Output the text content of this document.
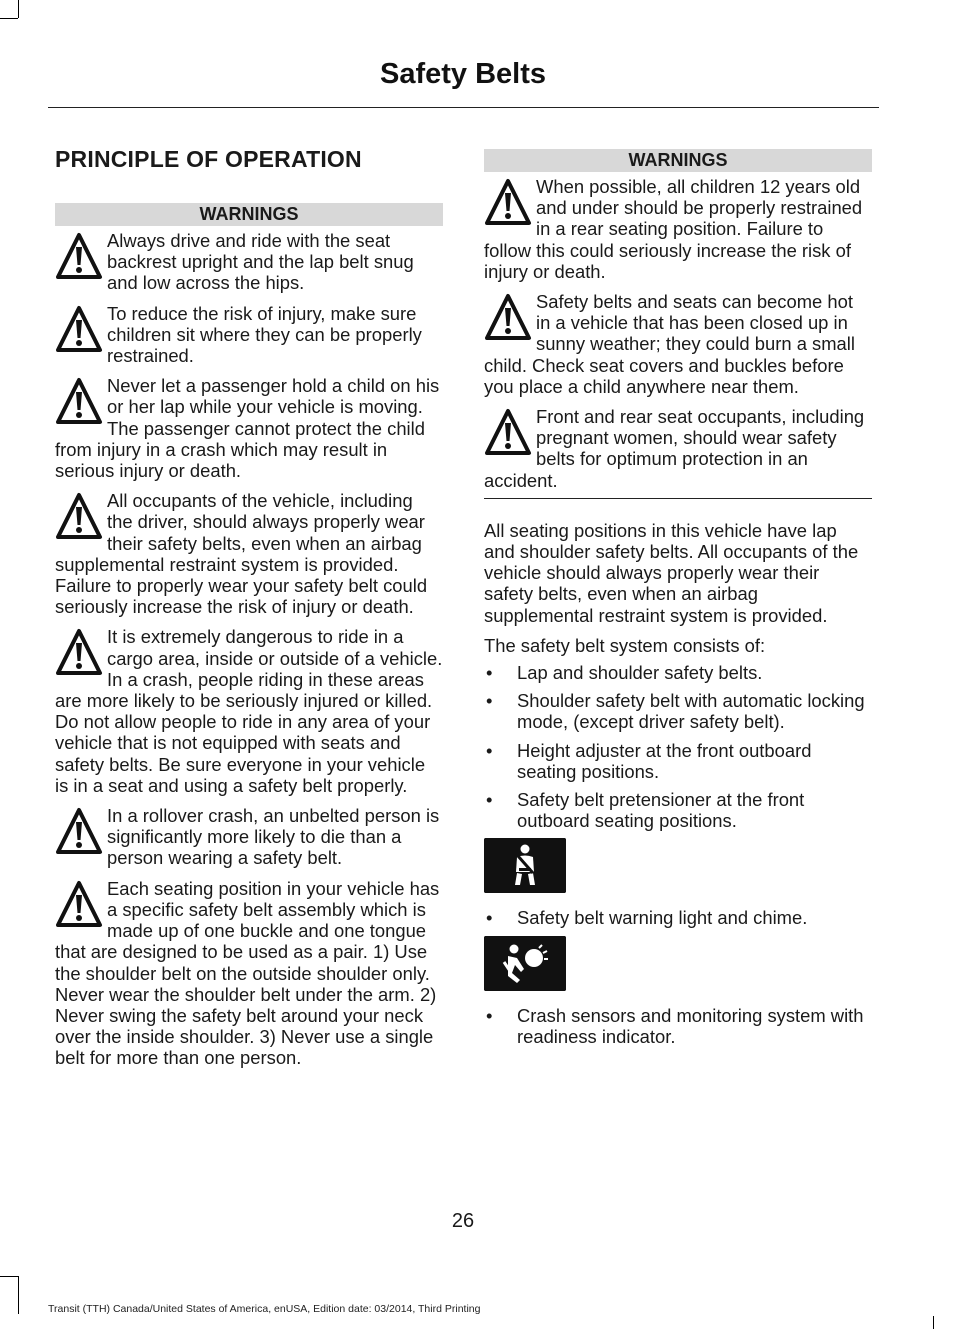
Safety Belts
PRINCIPLE OF OPERATION
WARNINGS
Always drive and ride with the seat backrest upright and the lap belt snug and low across the hips.
To reduce the risk of injury, make sure children sit where they can be properly restrained.
Never let a passenger hold a child on his or her lap while your vehicle is moving. The passenger cannot protect the child from injury in a crash which may result in serious injury or death.
All occupants of the vehicle, including the driver, should always properly wear their safety belts, even when an airbag supplemental restraint system is provided. Failure to properly wear your safety belt could seriously increase the risk of injury or death.
It is extremely dangerous to ride in a cargo area, inside or outside of a vehicle. In a crash, people riding in these areas are more likely to be seriously injured or killed. Do not allow people to ride in any area of your vehicle that is not equipped with seats and safety belts. Be sure everyone in your vehicle is in a seat and using a safety belt properly.
In a rollover crash, an unbelted person is significantly more likely to die than a person wearing a safety belt.
Each seating position in your vehicle has a specific safety belt assembly which is made up of one buckle and one tongue that are designed to be used as a pair. 1) Use the shoulder belt on the outside shoulder only. Never wear the shoulder belt under the arm. 2) Never swing the safety belt around your neck over the inside shoulder. 3) Never use a single belt for more than one person.
WARNINGS
When possible, all children 12 years old and under should be properly restrained in a rear seating position. Failure to follow this could seriously increase the risk of injury or death.
Safety belts and seats can become hot in a vehicle that has been closed up in sunny weather; they could burn a small child. Check seat covers and buckles before you place a child anywhere near them.
Front and rear seat occupants, including pregnant women, should wear safety belts for optimum protection in an accident.

All seating positions in this vehicle have lap and shoulder safety belts. All occupants of the vehicle should always properly wear their safety belts, even when an airbag supplemental restraint system is provided.

The safety belt system consists of:

• Lap and shoulder safety belts.
• Shoulder safety belt with automatic locking mode, (except driver safety belt).
• Height adjuster at the front outboard seating positions.
• Safety belt pretensioner at the front outboard seating positions.
• Safety belt warning light and chime.
• Crash sensors and monitoring system with readiness indicator.
26
Transit (TTH) Canada/United States of America, enUSA, Edition date: 03/2014, Third Printing
